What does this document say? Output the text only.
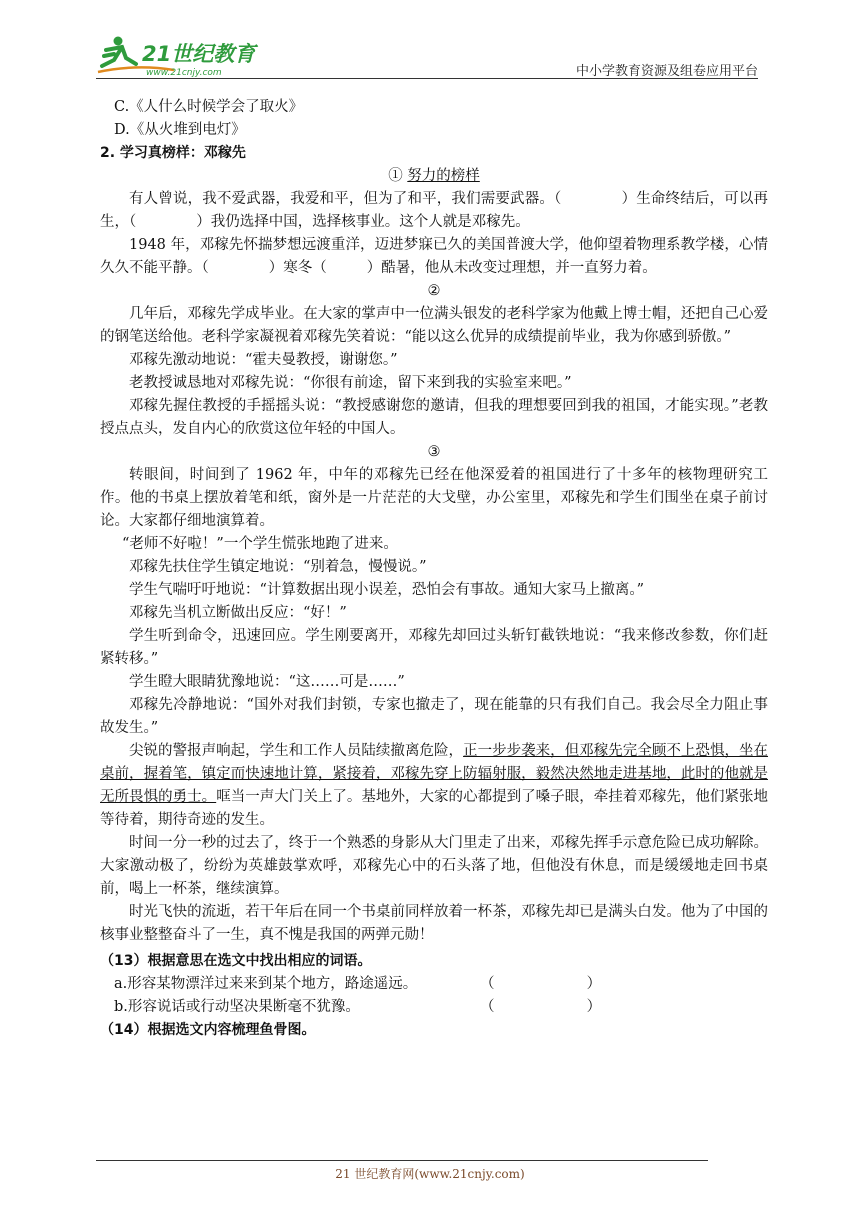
21世纪教育
www.21cnjy.com	中小学教育资源及组卷应用平台
C.《人什么时候学会了取火》
D.《从火堆到电灯》
2. 学习真榜样：邓稼先
① 努力的榜样
有人曾说，我不爱武器，我爱和平，但为了和平，我们需要武器。（	）生命终结后，可以再生，（	）我仍选择中国，选择核事业。这个人就是邓稼先。
1948 年，邓稼先怀揣梦想远渡重洋，迈进梦寐已久的美国普渡大学，他仰望着物理系教学楼，心情久久不能平静。（	）寒冬（	）酷暑，他从未改变过理想，并一直努力着。
②
几年后，邓稼先学成毕业。在大家的掌声中一位满头银发的老科学家为他戴上博士帽，还把自己心爱的钢笔送给他。老科学家凝视着邓稼先笑着说：“能以这么优异的成绩提前毕业，我为你感到骄傲。”
邓稼先激动地说：“霍夫曼教授，谢谢您。”
老教授诚恳地对邓稼先说：“你很有前途，留下来到我的实验室来吧。”
邓稼先握住教授的手摇摇头说：“教授感谢您的邀请，但我的理想要回到我的祖国，才能实现。”老教授点点头，发自内心的欣赏这位年轻的中国人。
③
转眼间，时间到了 1962 年，中年的邓稼先已经在他深爱着的祖国进行了十多年的核物理研究工作。他的书桌上摆放着笔和纸，窗外是一片茫茫的大戈壁，办公室里，邓稼先和学生们围坐在桌子前讨论。大家都仔细地演算着。
“老师不好啦！”一个学生慌张地跑了进来。
邓稼先扶住学生镇定地说：“别着急，慢慢说。”
学生气喘吁吁地说：“计算数据出现小误差，恐怕会有事故。通知大家马上撤离。”
邓稼先当机立断做出反应：“好！”
学生听到命令，迅速回应。学生刚要离开，邓稼先却回过头斩钉截铁地说：“我来修改参数，你们赶紧转移。”
学生瞪大眼睛犹豫地说：“这……可是……”
邓稼先冷静地说：“国外对我们封锁，专家也撤走了，现在能靠的只有我们自己。我会尽全力阻止事故发生。”
尖锐的警报声响起，学生和工作人员陆续撤离危险，正一步步袭来，但邓稼先完全顾不上恐惧，坐在桌前，握着笔，镇定而快速地计算，紧接着，邓稼先穿上防辐射服，毅然决然地走进基地，此时的他就是无所畏惧的勇士。哐当一声大门关上了。基地外，大家的心都提到了嗓子眼，牵挂着邓稼先，他们紧张地等待着，期待奇迹的发生。
时间一分一秒的过去了，终于一个熟悉的身影从大门里走了出来，邓稼先挥手示意危险已成功解除。大家激动极了，纷纷为英雄鼓掌欢呼，邓稼先心中的石头落了地，但他没有休息，而是缓缓地走回书桌前，喝上一杯茶，继续演算。
时光飞快的流逝，若干年后在同一个书桌前同样放着一杯茶，邓稼先却已是满头白发。他为了中国的核事业整整奋斗了一生，真不愧是我国的两弹元勋！
（13）根据意思在选文中找出相应的词语。
a.形容某物漂洋过来来到某个地方，路途遥远。	（                    ）
b.形容说话或行动坚决果断毫不犹豫。	（                    ）
（14）根据选文内容梳理鱼骨图。
21 世纪教育网(www.21cnjy.com)
